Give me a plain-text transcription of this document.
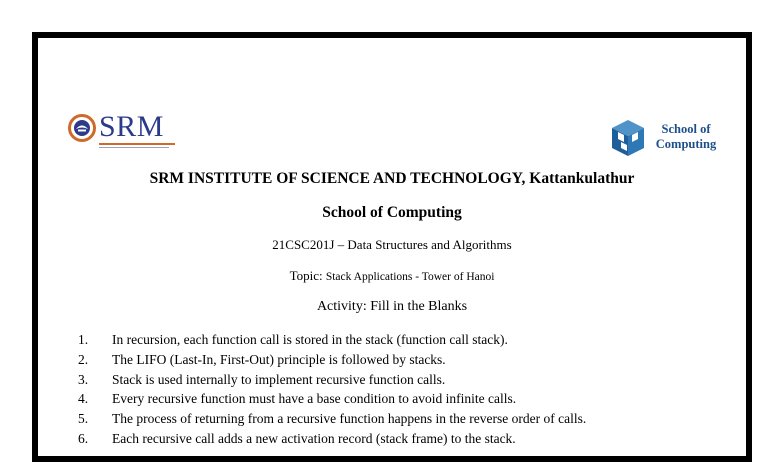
SRM	School of
Computing
SRM INSTITUTE OF SCIENCE AND TECHNOLOGY, Kattankulathur
School of Computing
21CSC201J – Data Structures and Algorithms
Topic: Stack Applications - Tower of Hanoi
Activity: Fill in the Blanks
1. In recursion, each function call is stored in the stack (function call stack).
2. The LIFO (Last-In, First-Out) principle is followed by stacks.
3. Stack is used internally to implement recursive function calls.
4. Every recursive function must have a base condition to avoid infinite calls.
5. The process of returning from a recursive function happens in the reverse order of calls.
6. Each recursive call adds a new activation record (stack frame) to the stack.
